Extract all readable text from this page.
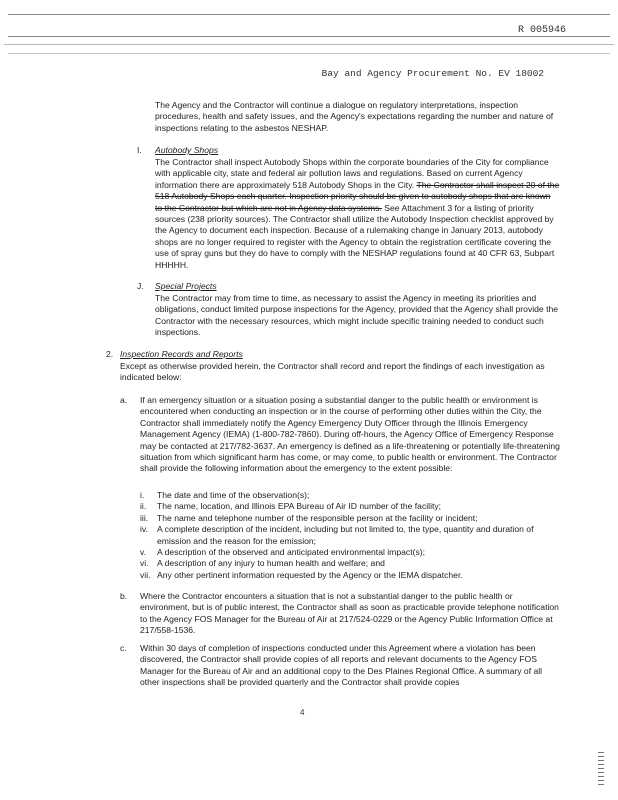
R 005946
Bay and Agency Procurement No. EV 18002

The Agency and the Contractor will continue a dialogue on regulatory interpretations, inspection procedures, health and safety issues, and the Agency's expectations regarding the number and nature of inspections relating to the asbestos NESHAP.

I. Autobody Shops

The Contractor shall inspect Autobody Shops within the corporate boundaries of the City for compliance with applicable city, state and federal air pollution laws and regulations. Based on current Agency information there are approximately 518 Autobody Shops in the City. The Contractor shall inspect 20 of the 518 Autobody Shops each quarter. Inspection priority should be given to autobody shops that are known to the Contractor but which are not in Agency data systems. See Attachment 3 for a listing of priority sources (238 priority sources). The Contractor shall utilize the Autobody Inspection checklist approved by the Agency to document each inspection. Because of a rulemaking change in January 2013, autobody shops are no longer required to register with the Agency to obtain the registration certificate covering the use of spray guns but they do have to comply with the NESHAP regulations found at 40 CFR 63, Subpart HHHHH.

J. Special Projects

The Contractor may from time to time, as necessary to assist the Agency in meeting its priorities and obligations, conduct limited purpose inspections for the Agency, provided that the Agency shall provide the Contractor with the necessary resources, which might include specific training needed to conduct such inspections.

2. Inspection Records and Reports

Except as otherwise provided herein, the Contractor shall record and report the findings of each investigation as indicated below:

a. If an emergency situation or a situation posing a substantial danger to the public health or environment is encountered when conducting an inspection or in the course of performing other duties within the City, the Contractor shall immediately notify the Agency Emergency Duty Officer through the Illinois Emergency Management Agency (IEMA) (1-800-782-7860). During off-hours, the Agency Office of Emergency Response may be contacted at 217/782-3637. An emergency is defined as a life-threatening or potentially life-threatening situation from which significant harm has come, or may come, to public health or environment. The Contractor shall provide the following information about the emergency to the extent possible:

i. The date and time of the observation(s);
ii. The name, location, and Illinois EPA Bureau of Air ID number of the facility;
iii. The name and telephone number of the responsible person at the facility or incident;
iv. A complete description of the incident, including but not limited to, the type, quantity and duration of emission and the reason for the emission;
v. A description of the observed and anticipated environmental impact(s);
vi. A description of any injury to human health and welfare; and
vii. Any other pertinent information requested by the Agency or the IEMA dispatcher.
b. Where the Contractor encounters a situation that is not a substantial danger to the public health or environment, but is of public interest, the Contractor shall as soon as practicable provide telephone notification to the Agency FOS Manager for the Bureau of Air at 217/524-0229 or the Agency Public Information Office at 217/558-1536.

c. Within 30 days of completion of inspections conducted under this Agreement where a violation has been discovered, the Contractor shall provide copies of all reports and relevant documents to the Agency FOS Manager for the Bureau of Air and an additional copy to the Des Plaines Regional Office. A summary of all other inspections shall be provided quarterly and the Contractor shall provide copies

4
